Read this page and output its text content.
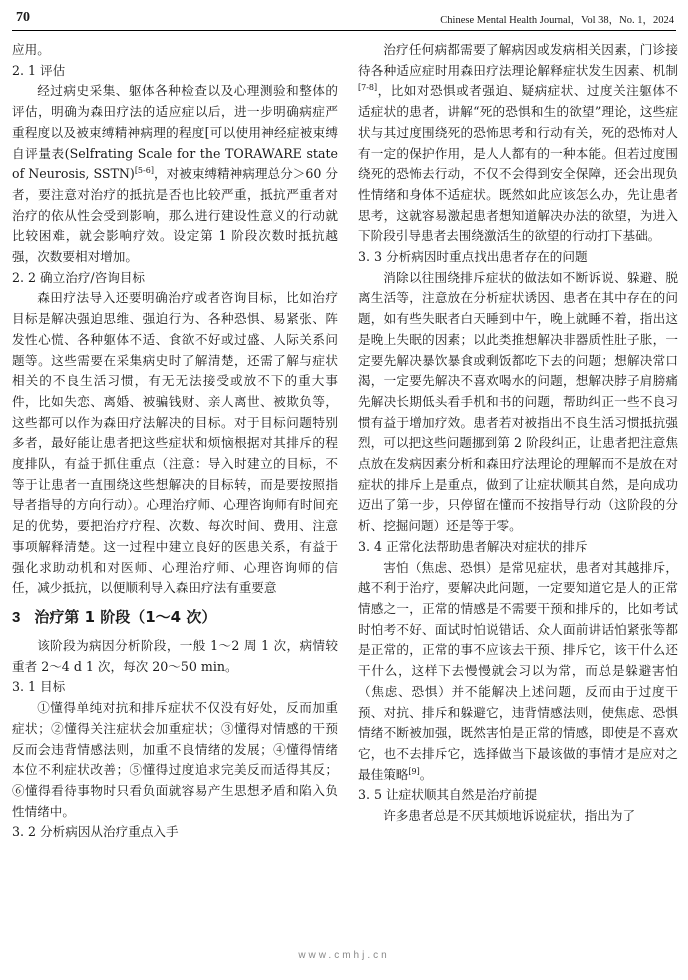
70	Chinese Mental Health Journal，Vol 38，No. 1，2024

应用。

2. 1 评估

经过病史采集、躯体各种检查以及心理测验和整体的评估，明确为森田疗法的适应症以后，进一步明确病症严重程度以及被束缚精神病理的程度[可以使用神经症被束缚自评量表(Selfrating Scale for the TORAWARE state of Neurosis, SSTN)[5-6]，对被束缚精神病理总分＞60 分者，要注意对治疗的抵抗是否也比较严重，抵抗严重者对治疗的依从性会受到影响，那么进行建设性意义的行动就比较困难，就会影响疗效。设定第 1 阶段次数时抵抗越强，次数要相对增加。

2. 2 确立治疗/咨询目标

森田疗法导入还要明确治疗或者咨询目标，比如治疗目标是解决强迫思维、强迫行为、各种恐惧、易紧张、阵发性心慌、各种躯体不适、食欲不好或过盛、人际关系问题等。这些需要在采集病史时了解清楚，还需了解与症状相关的不良生活习惯，有无无法接受或放不下的重大事件，比如失恋、离婚、被骗钱财、亲人离世、被欺负等，这些都可以作为森田疗法解决的目标。对于目标问题特别多者，最好能让患者把这些症状和烦恼根据对其排斥的程度排队，有益于抓住重点（注意：导入时建立的目标，不等于让患者一直围绕这些想解决的目标转，而是要按照指导者指导的方向行动）。心理治疗师、心理咨询师有时间充足的优势，要把治疗疗程、次数、每次时间、费用、注意事项解释清楚。这一过程中建立良好的医患关系，有益于强化求助动机和对医师、心理治疗师、心理咨询师的信任，减少抵抗，以便顺利导入森田疗法有重要意

3 治疗第 1 阶段（1～4 次）

该阶段为病因分析阶段，一般 1～2 周 1 次，病情较重者 2～4 d 1 次，每次 20～50 min。

3. 1 目标

①懂得单纯对抗和排斥症状不仅没有好处，反而加重症状；②懂得关注症状会加重症状；③懂得对情感的干预反而会违背情感法则，加重不良情绪的发展；④懂得情绪本位不利症状改善；⑤懂得过度追求完美反而适得其反；⑥懂得看待事物时只看负面就容易产生思想矛盾和陷入负性情绪中。

3. 2 分析病因从治疗重点入手

治疗任何病都需要了解病因或发病相关因素，门诊接待各种适应症时用森田疗法理论解释症状发生因素、机制[7-8]，比如对恐惧或者强迫、疑病症状、过度关注躯体不适症状的患者，讲解“死的恐惧和生的欲望”理论，这些症状与其过度围绕死的恐怖思考和行动有关，死的恐怖对人有一定的保护作用，是人人都有的一种本能。但若过度围绕死的恐怖去行动，不仅不会得到安全保障，还会出现负性情绪和身体不适症状。既然如此应该怎么办，先让患者思考，这就容易激起患者想知道解决办法的欲望，为进入下阶段引导患者去围绕激活生的欲望的行动打下基础。

3. 3 分析病因时重点找出患者存在的问题

消除以往围绕排斥症状的做法如不断诉说、躲避、脱离生活等，注意放在分析症状诱因、患者在其中存在的问题，如有些失眠者白天睡到中午，晚上就睡不着，指出这是晚上失眠的因素；以此类推想解决非器质性肚子胀，一定要先解决暴饮暴食或剩饭都吃下去的问题；想解决常口渴，一定要先解决不喜欢喝水的问题，想解决脖子肩膀痛先解决长期低头看手机和书的问题，帮助纠正一些不良习惯有益于增加疗效。患者若对被指出不良生活习惯抵抗强烈，可以把这些问题挪到第 2 阶段纠正，让患者把注意焦点放在发病因素分析和森田疗法理论的理解而不是放在对症状的排斥上是重点，做到了让症状顺其自然，是向成功迈出了第一步，只停留在懂而不按指导行动（这阶段的分析、挖掘问题）还是等于零。

3. 4 正常化法帮助患者解决对症状的排斥

害怕（焦虑、恐惧）是常见症状，患者对其越排斥，越不利于治疗，要解决此问题，一定要知道它是人的正常情感之一，正常的情感是不需要干预和排斥的，比如考试时怕考不好、面试时怕说错话、众人面前讲话怕紧张等都是正常的，正常的事不应该去干预、排斥它，该干什么还干什么，这样下去慢慢就会习以为常，而总是躲避害怕（焦虑、恐惧）并不能解决上述问题，反而由于过度干预、对抗、排斥和躲避它，违背情感法则，使焦虑、恐惧情绪不断被加强，既然害怕是正常的情感，即使是不喜欢它，也不去排斥它，选择做当下最该做的事情才是应对之最佳策略[9]。

3. 5 让症状顺其自然是治疗前提

许多患者总是不厌其烦地诉说症状，指出为了

www.cmhj.cn
